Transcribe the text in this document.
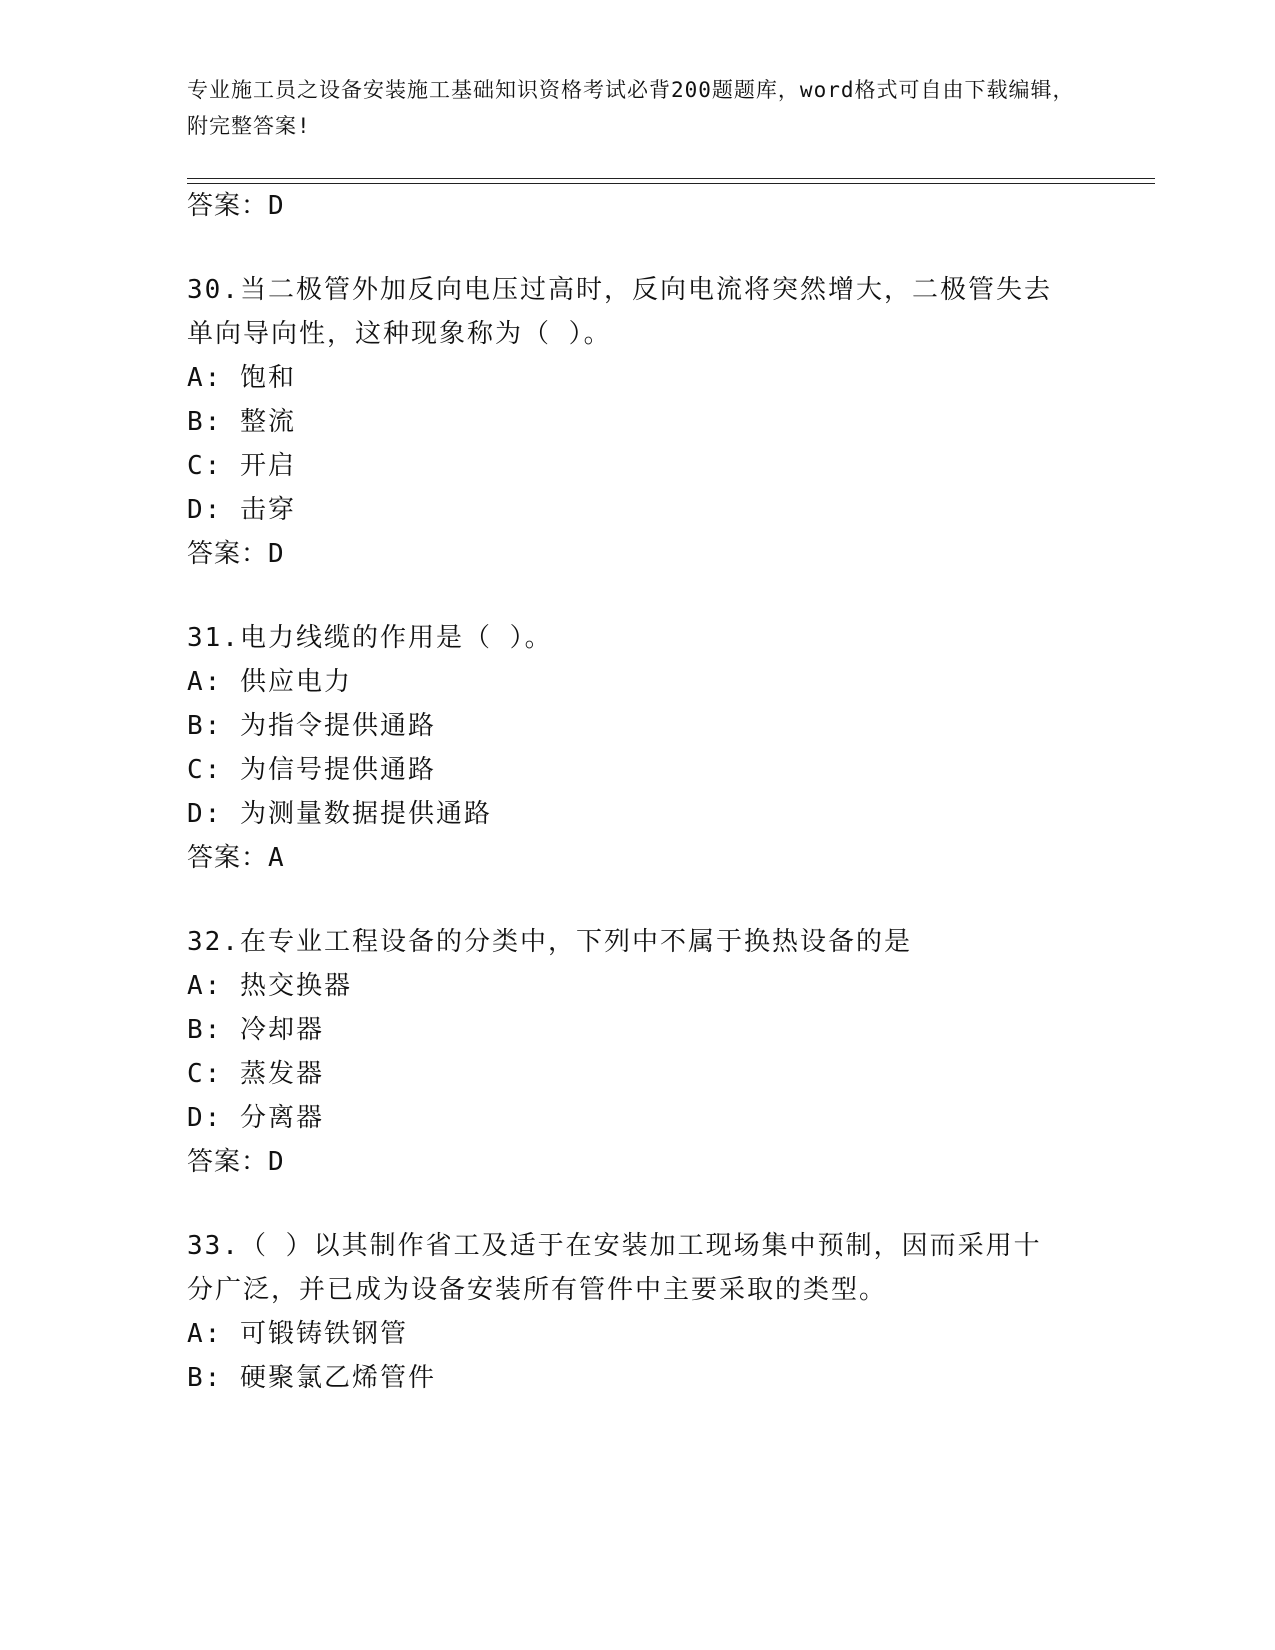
专业施工员之设备安装施工基础知识资格考试必背200题题库，word格式可自由下载编辑，附完整答案!
答案：D
30.当二极管外加反向电压过高时，反向电流将突然增大，二极管失去
单向导向性，这种现象称为（ ）。
A: 饱和
B: 整流
C: 开启
D: 击穿
答案：D
31.电力线缆的作用是（ ）。
A: 供应电力
B: 为指令提供通路
C: 为信号提供通路
D: 为测量数据提供通路
答案：A
32.在专业工程设备的分类中，下列中不属于换热设备的是
A: 热交换器
B: 冷却器
C: 蒸发器
D: 分离器
答案：D
33.（ ）以其制作省工及适于在安装加工现场集中预制，因而采用十
分广泛，并已成为设备安装所有管件中主要采取的类型。
A: 可锻铸铁钢管
B: 硬聚氯乙烯管件
